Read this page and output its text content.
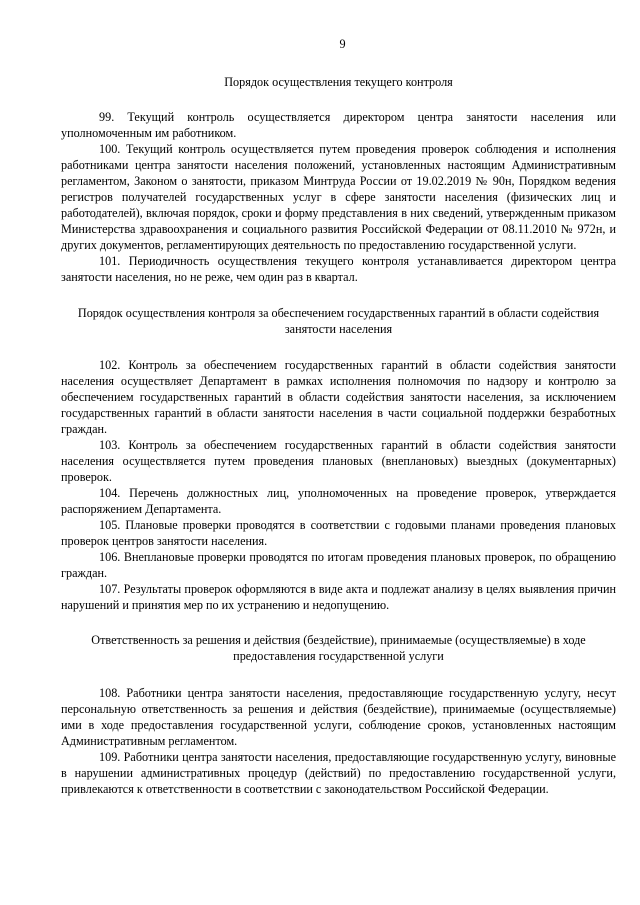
9

Порядок осуществления текущего контроля

99. Текущий контроль осуществляется директором центра занятости населения или уполномоченным им работником.

100. Текущий контроль осуществляется путем проведения проверок соблюдения и исполнения работниками центра занятости населения положений, установленных настоящим Административным регламентом, Законом о занятости, приказом Минтруда России от 19.02.2019 № 90н, Порядком ведения регистров получателей государственных услуг в сфере занятости населения (физических лиц и работодателей), включая порядок, сроки и форму представления в них сведений, утвержденным приказом Министерства здравоохранения и социального развития Российской Федерации от 08.11.2010 № 972н, и других документов, регламентирующих деятельность по предоставлению государственной услуги.

101. Периодичность осуществления текущего контроля устанавливается директором центра занятости населения, но не реже, чем один раз в квартал.

Порядок осуществления контроля за обеспечением государственных гарантий в области содействия занятости населения

102. Контроль за обеспечением государственных гарантий в области содействия занятости населения осуществляет Департамент в рамках исполнения полномочия по надзору и контролю за обеспечением государственных гарантий в области содействия занятости населения, за исключением государственных гарантий в области занятости населения в части социальной поддержки безработных граждан.

103. Контроль за обеспечением государственных гарантий в области содействия занятости населения осуществляется путем проведения плановых (внеплановых) выездных (документарных) проверок.

104. Перечень должностных лиц, уполномоченных на проведение проверок, утверждается распоряжением Департамента.

105. Плановые проверки проводятся в соответствии с годовыми планами проведения плановых проверок центров занятости населения.

106. Внеплановые проверки проводятся по итогам проведения плановых проверок, по обращению граждан.

107. Результаты проверок оформляются в виде акта и подлежат анализу в целях выявления причин нарушений и принятия мер по их устранению и недопущению.

Ответственность за решения и действия (бездействие), принимаемые (осуществляемые) в ходе предоставления государственной услуги

108. Работники центра занятости населения, предоставляющие государственную услугу, несут персональную ответственность за решения и действия (бездействие), принимаемые (осуществляемые) ими в ходе предоставления государственной услуги, соблюдение сроков, установленных настоящим Административным регламентом.

109. Работники центра занятости населения, предоставляющие государственную услугу, виновные в нарушении административных процедур (действий) по предоставлению государственной услуги, привлекаются к ответственности в соответствии с законодательством Российской Федерации.
